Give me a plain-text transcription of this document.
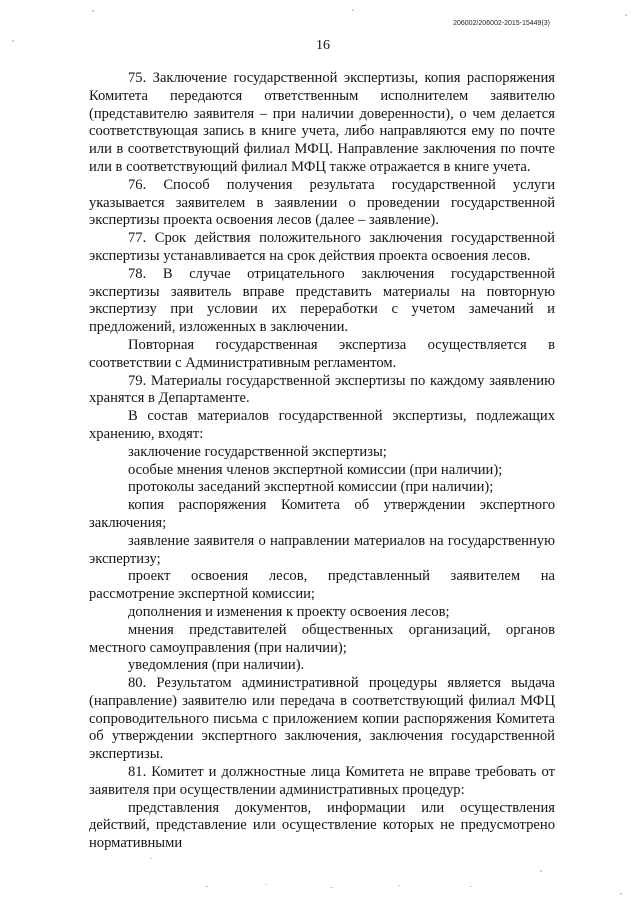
206002/206002-2015-15449(3)
16

75. Заключение государственной экспертизы, копия распоряжения Комитета передаются ответственным исполнителем заявителю (представителю заявителя – при наличии доверенности), о чем делается соответствующая запись в книге учета, либо направляются ему по почте или в соответствующий филиал МФЦ. Направление заключения по почте или в соответствующий филиал МФЦ также отражается в книге учета.

76. Способ получения результата государственной услуги указывается заявителем в заявлении о проведении государственной экспертизы проекта освоения лесов (далее – заявление).

77. Срок действия положительного заключения государственной экспертизы устанавливается на срок действия проекта освоения лесов.

78. В случае отрицательного заключения государственной экспертизы заявитель вправе представить материалы на повторную экспертизу при условии их переработки с учетом замечаний и предложений, изложенных в заключении.

Повторная государственная экспертиза осуществляется в соответствии с Административным регламентом.

79. Материалы государственной экспертизы по каждому заявлению хранятся в Департаменте.

В состав материалов государственной экспертизы, подлежащих хранению, входят:

заключение государственной экспертизы;

особые мнения членов экспертной комиссии (при наличии);

протоколы заседаний экспертной комиссии (при наличии);

копия распоряжения Комитета об утверждении экспертного заключения;

заявление заявителя о направлении материалов на государственную экспертизу;

проект освоения лесов, представленный заявителем на рассмотрение экспертной комиссии;

дополнения и изменения к проекту освоения лесов;

мнения представителей общественных организаций, органов местного самоуправления (при наличии);

уведомления (при наличии).

80. Результатом административной процедуры является выдача (направление) заявителю или передача в соответствующий филиал МФЦ сопроводительного письма с приложением копии распоряжения Комитета об утверждении экспертного заключения, заключения государственной экспертизы.

81. Комитет и должностные лица Комитета не вправе требовать от заявителя при осуществлении административных процедур:

представления документов, информации или осуществления действий, представление или осуществление которых не предусмотрено нормативными
